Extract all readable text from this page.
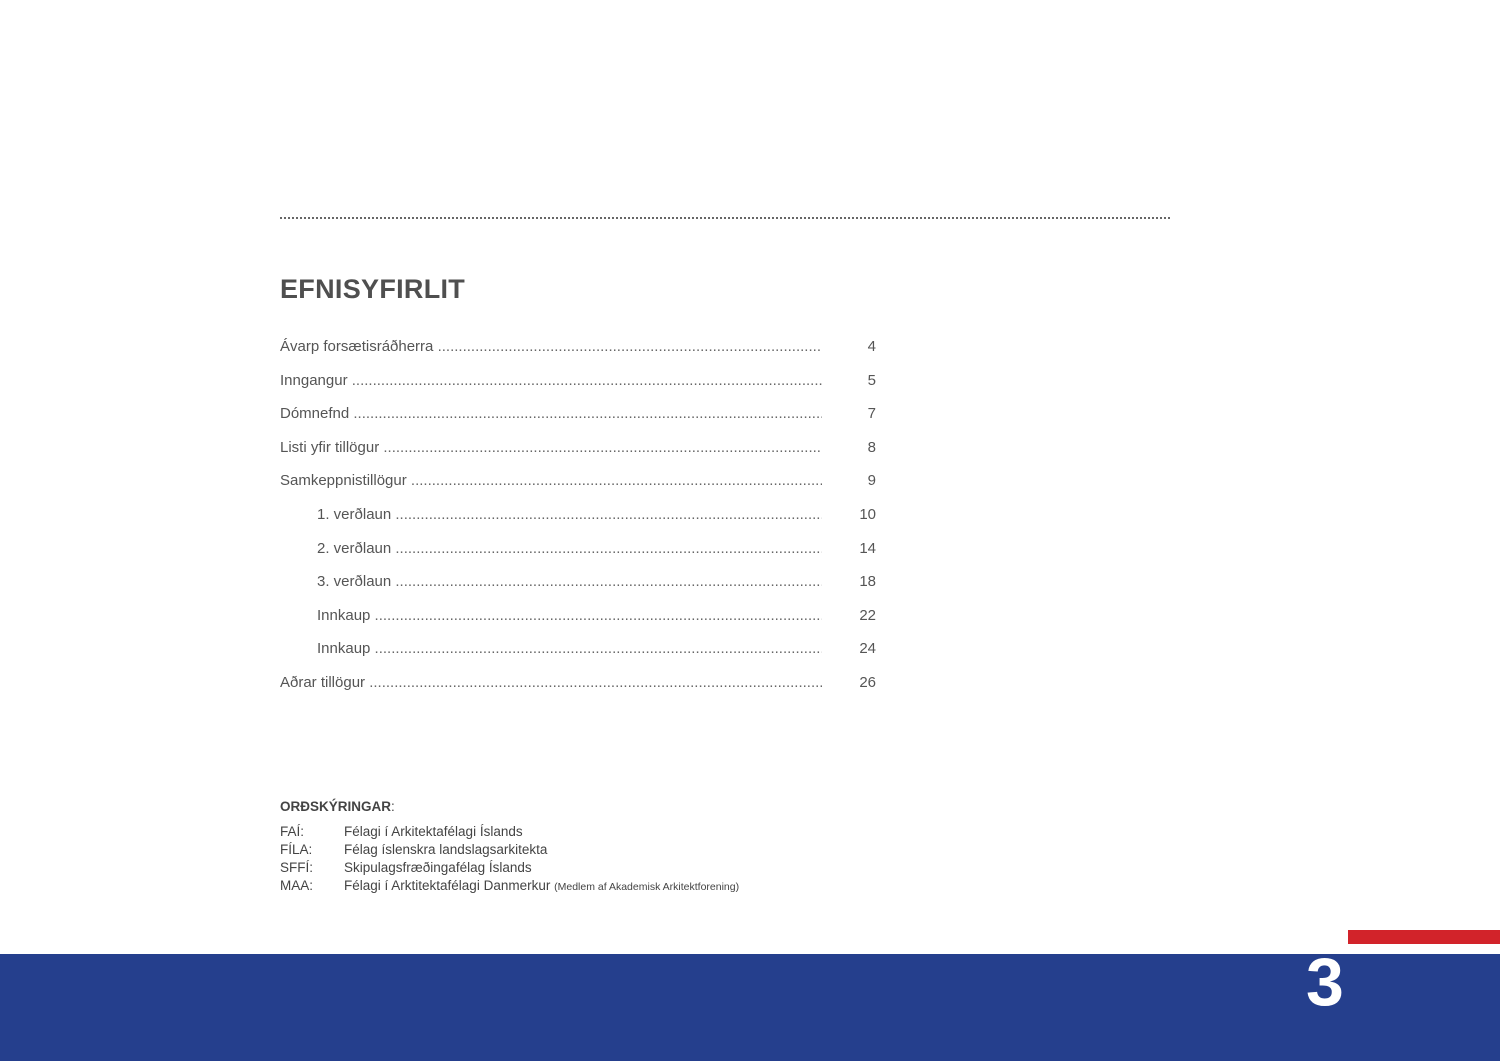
EFNISYFIRLIT
Ávarp forsætisráðherra .....	4
Inngangur .....	5
Dómnefnd .....	7
Listi yfir tillögur .....	8
Samkeppnistillögur .....	9
1. verðlaun .....	10
2. verðlaun .....	14
3. verðlaun .....	18
Innkaup .....	22
Innkaup .....	24
Aðrar tillögur .....	26
ORÐSKÝRINGAR:
FAÍ:	Félagi í Arkitektafélagi Íslands
FÍLA: Félag íslenskra landslagsarkitekta
SFFÍ: Skipulagsfræðingafélag Íslands
MAA: Félagi í Arktitektafélagi Danmerkur (Medlem af Akademisk Arkitektforening)
3
